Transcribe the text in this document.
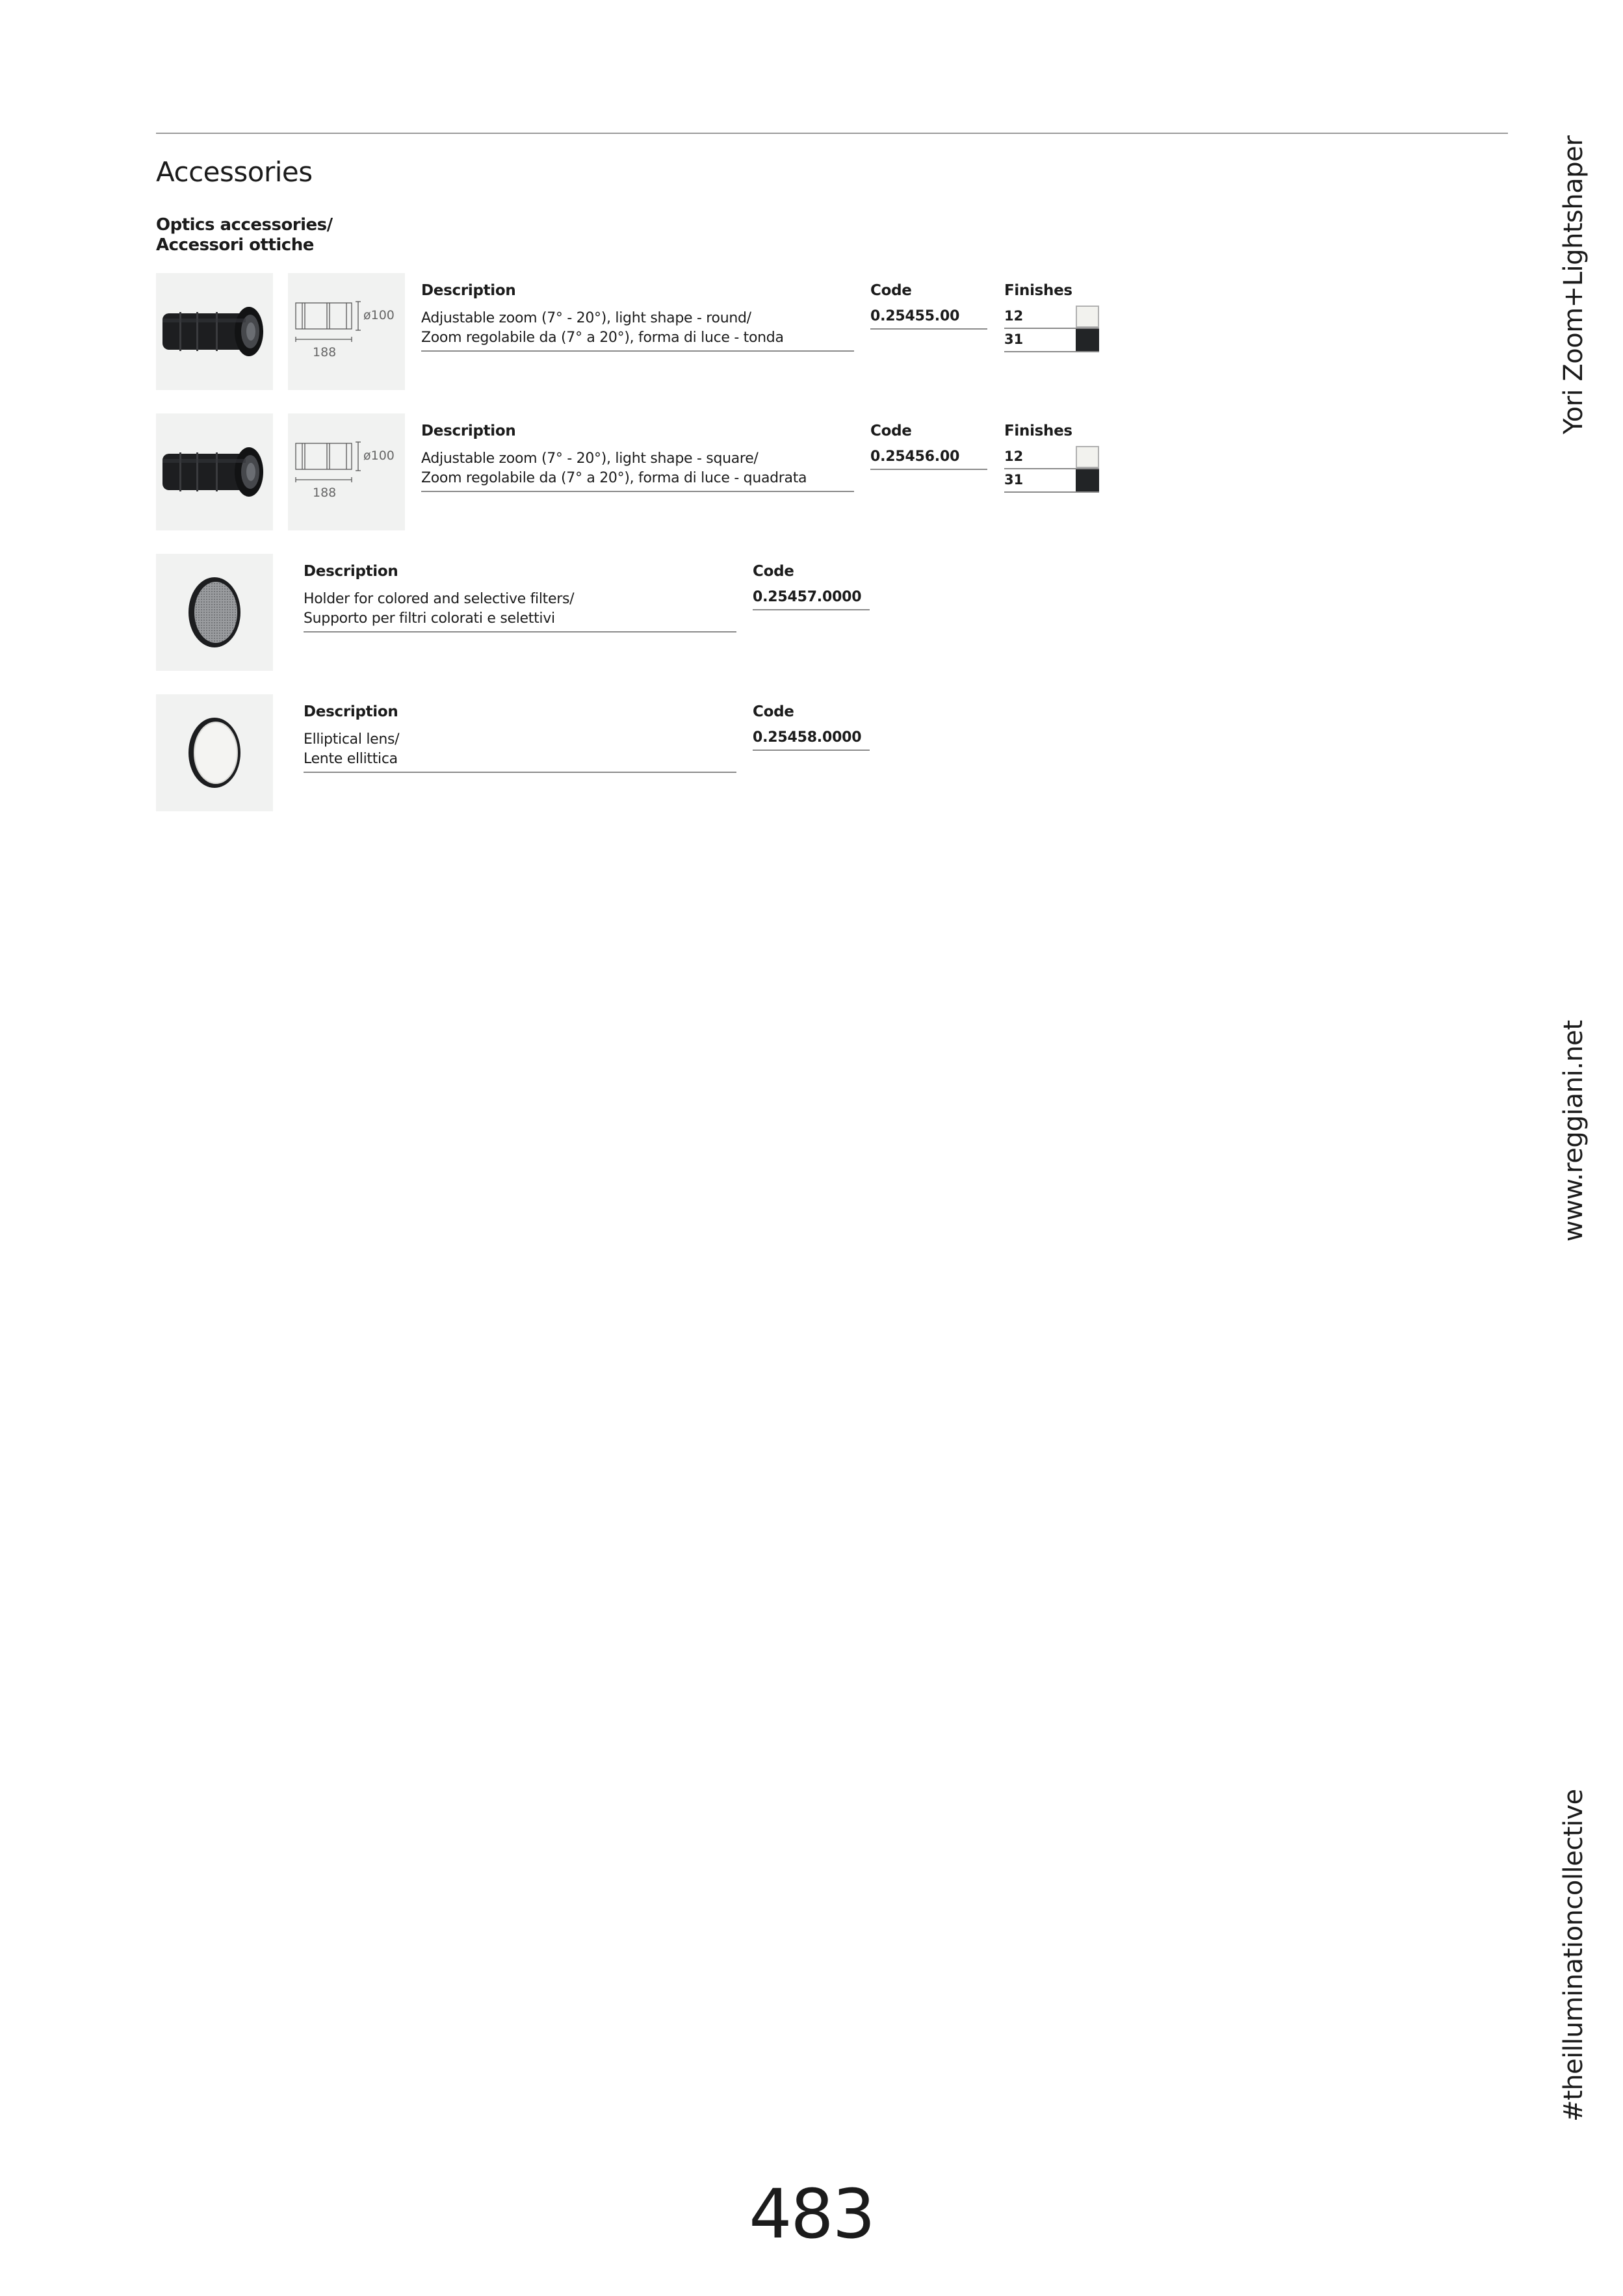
Accessories
Optics accessories/
Accessori ottiche
ø100
188
Description
Adjustable zoom (7° - 20°), light shape - round/
Zoom regolabile da (7° a 20°), forma di luce - tonda
Code
0.25455.00
Finishes
12
31
ø100
188
Description
Adjustable zoom (7° - 20°), light shape - square/
Zoom regolabile da (7° a 20°), forma di luce - quadrata
Code
0.25456.00
Finishes
12
31
Description
Holder for colored and selective filters/
Supporto per filtri colorati e selettivi
Code
0.25457.0000
Description
Elliptical lens/
Lente ellittica
Code
0.25458.0000
Yori Zoom+Lightshaper
www.reggiani.net
#theilluminationcollective
483
